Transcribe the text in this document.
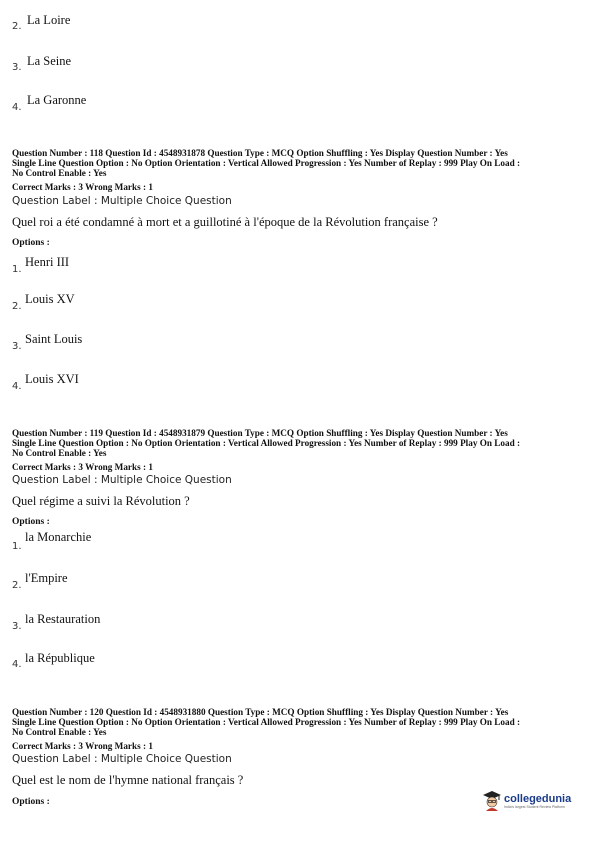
2. La Loire
3. La Seine
4.
La Garonne
Question Number : 118 Question Id : 4548931878 Question Type : MCQ Option Shuffling : Yes Display Question Number : Yes
Single Line Question Option : No Option Orientation : Vertical Allowed Progression : Yes Number of Replay : 999 Play On Load :
No Control Enable : Yes
Correct Marks : 3 Wrong Marks : 1
Question Label : Multiple Choice Question
Quel roi a été condamné à mort et a guillotiné à l'époque de la Révolution française ?
Options :
1.
Henri III
2.
Louis XV
3.
Saint Louis
4.
Louis XVI
Question Number : 119 Question Id : 4548931879 Question Type : MCQ Option Shuffling : Yes Display Question Number : Yes
Single Line Question Option : No Option Orientation : Vertical Allowed Progression : Yes Number of Replay : 999 Play On Load :
No Control Enable : Yes
Correct Marks : 3 Wrong Marks : 1
Question Label : Multiple Choice Question
Quel régime a suivi la Révolution ?
Options :
1.
la Monarchie
2.
l'Empire
3.
la Restauration
4. la République
Question Number : 120 Question Id : 4548931880 Question Type : MCQ Option Shuffling : Yes Display Question Number : Yes
Single Line Question Option : No Option Orientation : Vertical Allowed Progression : Yes Number of Replay : 999 Play On Load :
No Control Enable : Yes
Correct Marks : 3 Wrong Marks : 1
Question Label : Multiple Choice Question
Quel est le nom de l'hymne national français ?
Options :	collegedunia
India's largest Student Review Platform
